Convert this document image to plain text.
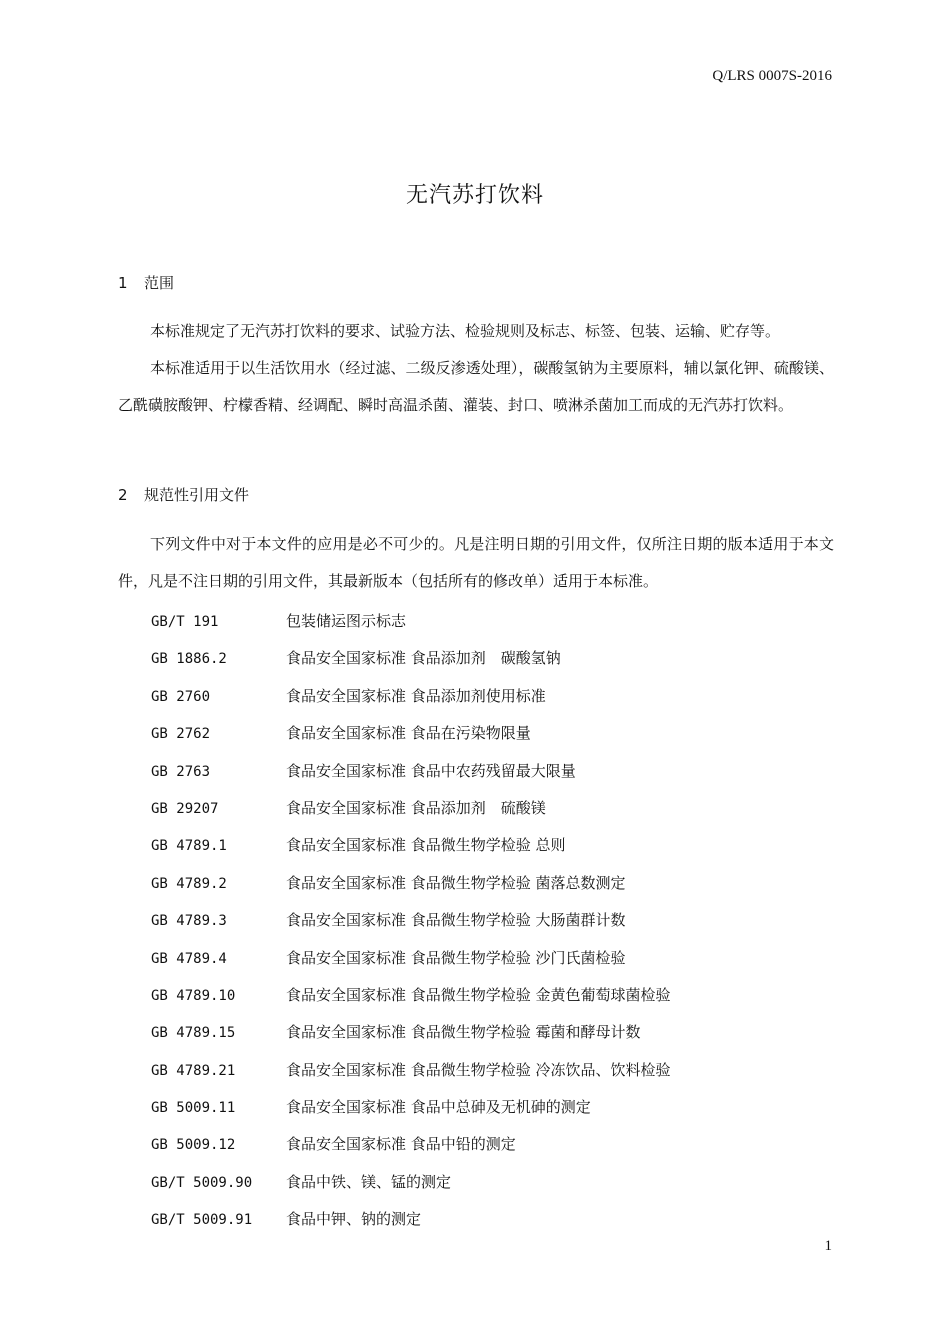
Q/LRS 0007S-2016
无汽苏打饮料
1 范围
本标准规定了无汽苏打饮料的要求、试验方法、检验规则及标志、标签、包装、运输、贮存等。
本标准适用于以生活饮用水（经过滤、二级反渗透处理），碳酸氢钠为主要原料，辅以氯化钾、硫酸镁、乙酰磺胺酸钾、柠檬香精、经调配、瞬时高温杀菌、灌装、封口、喷淋杀菌加工而成的无汽苏打饮料。
2 规范性引用文件
下列文件中对于本文件的应用是必不可少的。凡是注明日期的引用文件，仅所注日期的版本适用于本文件，凡是不注日期的引用文件，其最新版本（包括所有的修改单）适用于本标准。
GB/T 191	包装储运图示标志
GB 1886.2	食品安全国家标准 食品添加剂　碳酸氢钠
GB 2760	食品安全国家标准 食品添加剂使用标准
GB 2762	食品安全国家标准 食品在污染物限量
GB 2763	食品安全国家标准 食品中农药残留最大限量
GB 29207	食品安全国家标准 食品添加剂　硫酸镁
GB 4789.1	食品安全国家标准 食品微生物学检验 总则
GB 4789.2	食品安全国家标准 食品微生物学检验 菌落总数测定
GB 4789.3	食品安全国家标准 食品微生物学检验 大肠菌群计数
GB 4789.4	食品安全国家标准 食品微生物学检验 沙门氏菌检验
GB 4789.10	食品安全国家标准 食品微生物学检验 金黄色葡萄球菌检验
GB 4789.15	食品安全国家标准 食品微生物学检验 霉菌和酵母计数
GB 4789.21	食品安全国家标准 食品微生物学检验 冷冻饮品、饮料检验
GB 5009.11	食品安全国家标准 食品中总砷及无机砷的测定
GB 5009.12	食品安全国家标准 食品中铅的测定
GB/T 5009.90 食品中铁、镁、锰的测定
GB/T 5009.91 食品中钾、钠的测定
1
